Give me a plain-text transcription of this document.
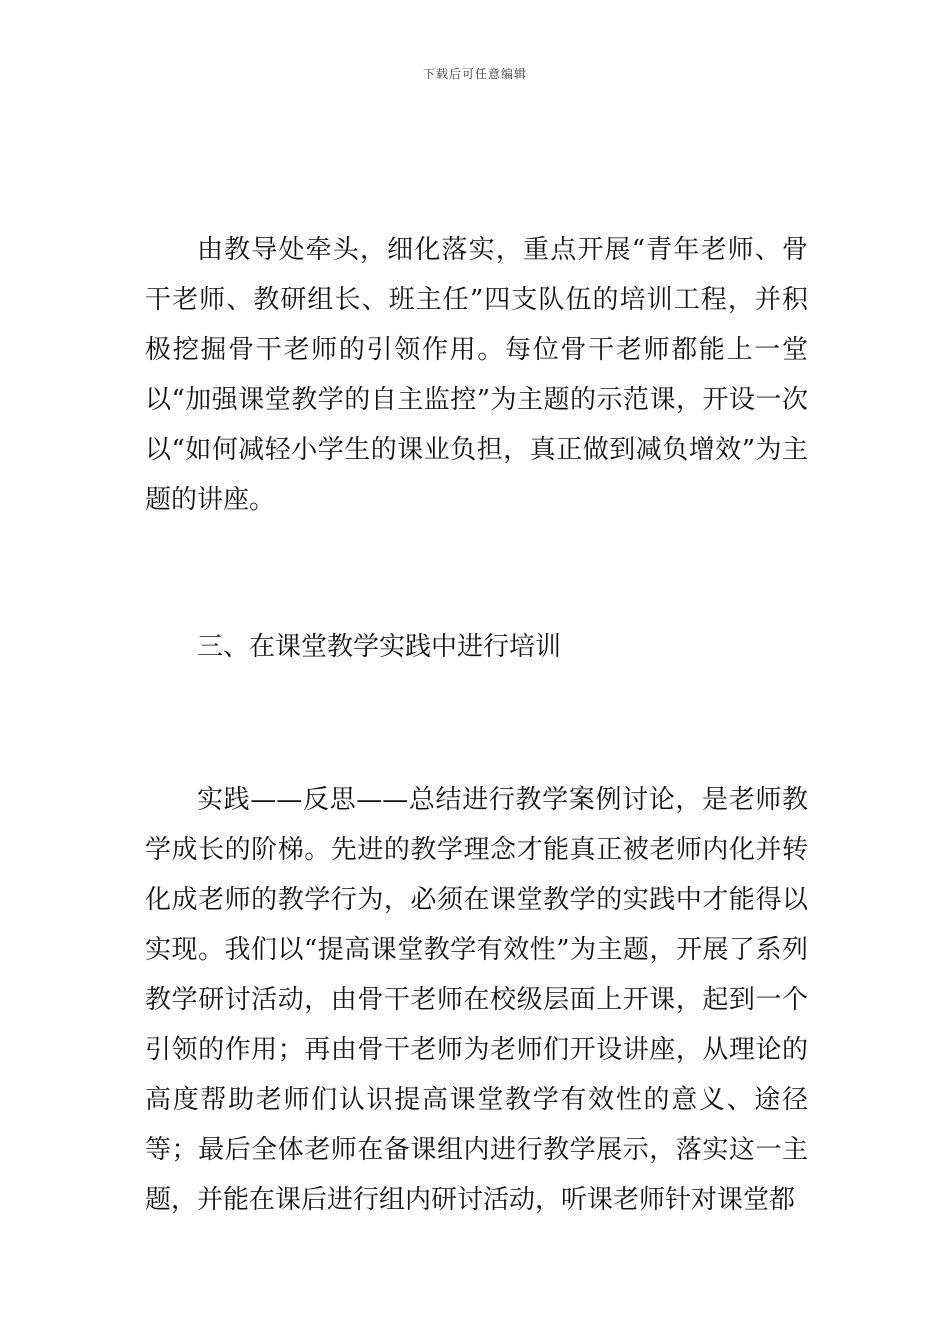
下载后可任意编辑

由教导处牵头，细化落实，重点开展“青年老师、骨干老师、教研组长、班主任”四支队伍的培训工程，并积极挖掘骨干老师的引领作用。每位骨干老师都能上一堂以“加强课堂教学的自主监控”为主题的示范课，开设一次以“如何减轻小学生的课业负担，真正做到减负增效”为主题的讲座。

三、在课堂教学实践中进行培训

实践——反思——总结进行教学案例讨论，是老师教学成长的阶梯。先进的教学理念才能真正被老师内化并转化成老师的教学行为，必须在课堂教学的实践中才能得以实现。我们以“提高课堂教学有效性”为主题，开展了系列教学研讨活动，由骨干老师在校级层面上开课，起到一个引领的作用；再由骨干老师为老师们开设讲座，从理论的高度帮助老师们认识提高课堂教学有效性的意义、途径等；最后全体老师在备课组内进行教学展示，落实这一主题，并能在课后进行组内研讨活动，听课老师针对课堂都
